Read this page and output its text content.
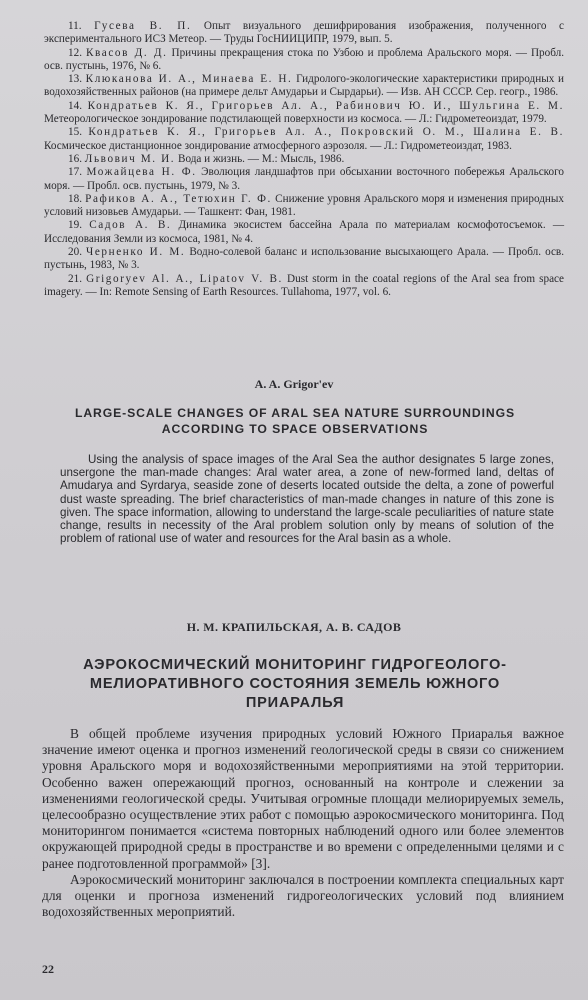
11. Гусева В. П. Опыт визуального дешифрирования изображения, полученного с экспериментального ИСЗ Метеор. — Труды ГосНИИЦИПР, 1979, вып. 5.

12. Квасов Д. Д. Причины прекращения стока по Узбою и проблема Аральского моря. — Пробл. осв. пустынь, 1976, № 6.

13. Клюканова И. А., Минаева Е. Н. Гидролого-экологические характеристики природных и водохозяйственных районов (на примере дельт Амударьи и Сырдарьи). — Изв. АН СССР. Сер. геогр., 1986.

14. Кондратьев К. Я., Григорьев Ал. А., Рабинович Ю. И., Шульгина Е. М. Метеорологическое зондирование подстилающей поверхности из космоса. — Л.: Гидрометеоиздат, 1979.

15. Кондратьев К. Я., Григорьев Ал. А., Покровский О. М., Шалина Е. В. Космическое дистанционное зондирование атмосферного аэрозоля. — Л.: Гидрометеоиздат, 1983.

16. Львович М. И. Вода и жизнь. — М.: Мысль, 1986.

17. Можайцева Н. Ф. Эволюция ландшафтов при обсыхании восточного побережья Аральского моря. — Пробл. осв. пустынь, 1979, № 3.

18. Рафиков А. А., Тетюхин Г. Ф. Снижение уровня Аральского моря и изменения природных условий низовьев Амударьи. — Ташкент: Фан, 1981.

19. Садов А. В. Динамика экосистем бассейна Арала по материалам космофотосъемок. — Исследования Земли из космоса, 1981, № 4.

20. Черненко И. М. Водно-солевой баланс и использование высыхающего Арала. — Пробл. осв. пустынь, 1983, № 3.

21. Grigoryev Al. A., Lipatov V. B. Dust storm in the coatal regions of the Aral sea from space imagery. — In: Remote Sensing of Earth Resources. Tullahoma, 1977, vol. 6.

A. A. Grigor'ev
LARGE-SCALE CHANGES OF ARAL SEA NATURE SURROUNDINGS ACCORDING TO SPACE OBSERVATIONS

Using the analysis of space images of the Aral Sea the author designates 5 large zones, unsergone the man-made changes: Aral water area, a zone of new-formed land, deltas of Amudarya and Syrdarya, seaside zone of deserts located outside the delta, a zone of powerful dust waste spreading. The brief characteristics of man-made changes in nature of this zone is given. The space information, allowing to understand the large-scale peculiarities of nature state change, results in necessity of the Aral problem solution only by means of solution of the problem of rational use of water and resources for the Aral basin as a whole.

Н. М. КРАПИЛЬСКАЯ, А. В. САДОВ
АЭРОКОСМИЧЕСКИЙ МОНИТОРИНГ ГИДРОГЕОЛОГО-МЕЛИОРАТИВНОГО СОСТОЯНИЯ ЗЕМЕЛЬ ЮЖНОГО ПРИАРАЛЬЯ

В общей проблеме изучения природных условий Южного Приаралья важное значение имеют оценка и прогноз изменений геологической среды в связи со снижением уровня Аральского моря и водохозяйственными мероприятиями на этой территории. Особенно важен опережающий прогноз, основанный на контроле и слежении за изменениями геологической среды. Учитывая огромные площади мелиорируемых земель, целесообразно осуществление этих работ с помощью аэрокосмического мониторинга. Под мониторингом понимается «система повторных наблюдений одного или более элементов окружающей природной среды в пространстве и во времени с определенными целями и с ранее подготовленной программой» [3].

Аэрокосмический мониторинг заключался в построении комплекта специальных карт для оценки и прогноза изменений гидрогеологических условий под влиянием водохозяйственных мероприятий.

22
